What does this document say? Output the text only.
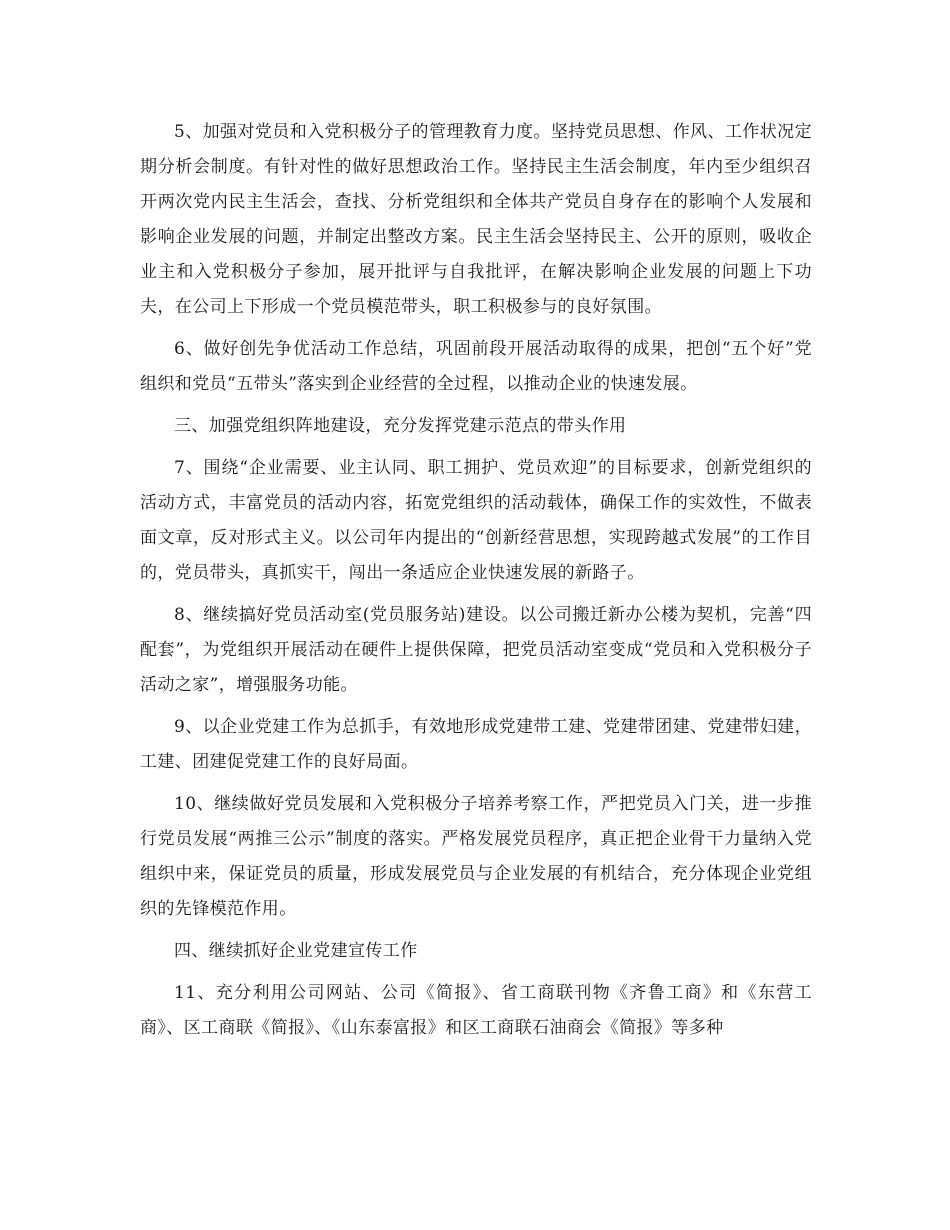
5、加强对党员和入党积极分子的管理教育力度。坚持党员思想、作风、工作状况定期分析会制度。有针对性的做好思想政治工作。坚持民主生活会制度，年内至少组织召开两次党内民主生活会，查找、分析党组织和全体共产党员自身存在的影响个人发展和影响企业发展的问题，并制定出整改方案。民主生活会坚持民主、公开的原则，吸收企业主和入党积极分子参加，展开批评与自我批评，在解决影响企业发展的问题上下功夫，在公司上下形成一个党员模范带头，职工积极参与的良好氛围。

6、做好创先争优活动工作总结，巩固前段开展活动取得的成果，把创“五个好”党组织和党员“五带头”落实到企业经营的全过程，以推动企业的快速发展。

三、加强党组织阵地建设，充分发挥党建示范点的带头作用

7、围绕“企业需要、业主认同、职工拥护、党员欢迎”的目标要求，创新党组织的活动方式，丰富党员的活动内容，拓宽党组织的活动载体，确保工作的实效性，不做表面文章，反对形式主义。以公司年内提出的“创新经营思想，实现跨越式发展”的工作目的，党员带头，真抓实干，闯出一条适应企业快速发展的新路子。

8、继续搞好党员活动室(党员服务站)建设。以公司搬迁新办公楼为契机，完善“四配套”，为党组织开展活动在硬件上提供保障，把党员活动室变成“党员和入党积极分子活动之家”，增强服务功能。

9、以企业党建工作为总抓手，有效地形成党建带工建、党建带团建、党建带妇建，工建、团建促党建工作的良好局面。

10、继续做好党员发展和入党积极分子培养考察工作，严把党员入门关，进一步推行党员发展“两推三公示”制度的落实。严格发展党员程序，真正把企业骨干力量纳入党组织中来，保证党员的质量，形成发展党员与企业发展的有机结合，充分体现企业党组织的先锋模范作用。

四、继续抓好企业党建宣传工作

11、充分利用公司网站、公司《简报》、省工商联刊物《齐鲁工商》和《东营工商》、区工商联《简报》、《山东泰富报》和区工商联石油商会《简报》等多种
